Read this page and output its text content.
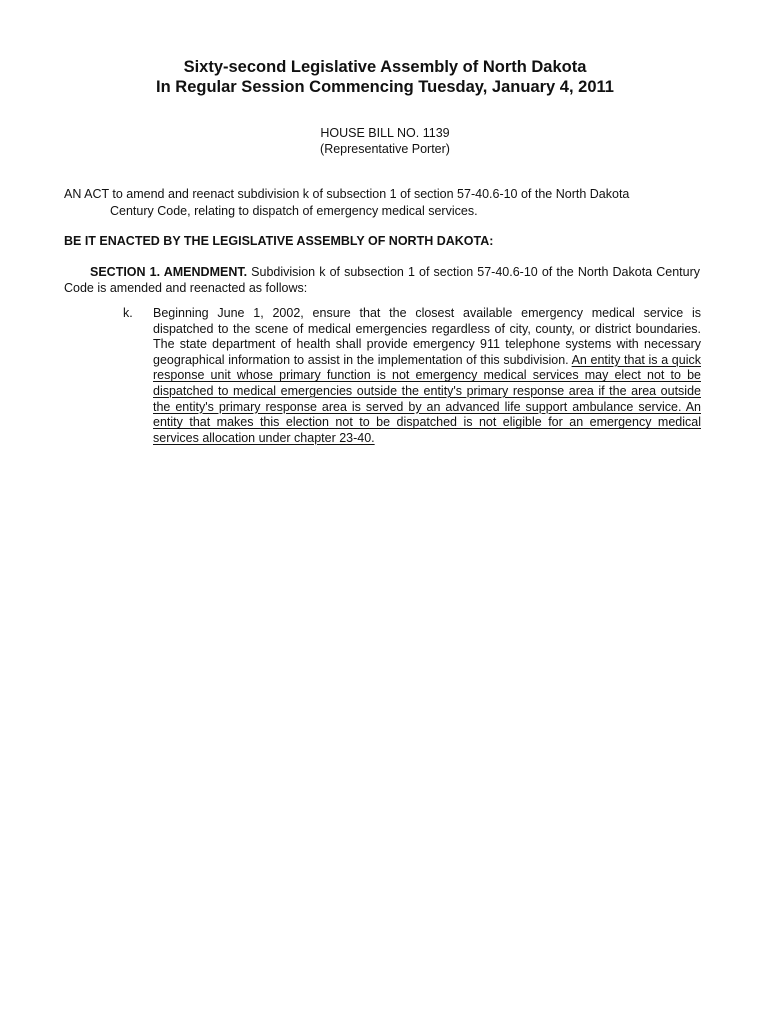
Sixty-second Legislative Assembly of North Dakota

In Regular Session Commencing Tuesday, January 4, 2011

HOUSE BILL NO. 1139

(Representative Porter)

AN ACT to amend and reenact subdivision k of subsection 1 of section 57-40.6-10 of the North Dakota
Century Code, relating to dispatch of emergency medical services.

BE IT ENACTED BY THE LEGISLATIVE ASSEMBLY OF NORTH DAKOTA:

SECTION 1. AMENDMENT. Subdivision k of subsection 1 of section 57-40.6-10 of the North Dakota Century Code is amended and reenacted as follows:

k. Beginning June 1, 2002, ensure that the closest available emergency medical service is dispatched to the scene of medical emergencies regardless of city, county, or district boundaries. The state department of health shall provide emergency 911 telephone systems with necessary geographical information to assist in the implementation of this subdivision. An entity that is a quick response unit whose primary function is not emergency medical services may elect not to be dispatched to medical emergencies outside the entity's primary response area if the area outside the entity's primary response area is served by an advanced life support ambulance service. An entity that makes this election not to be dispatched is not eligible for an emergency medical services allocation under chapter 23-40.
